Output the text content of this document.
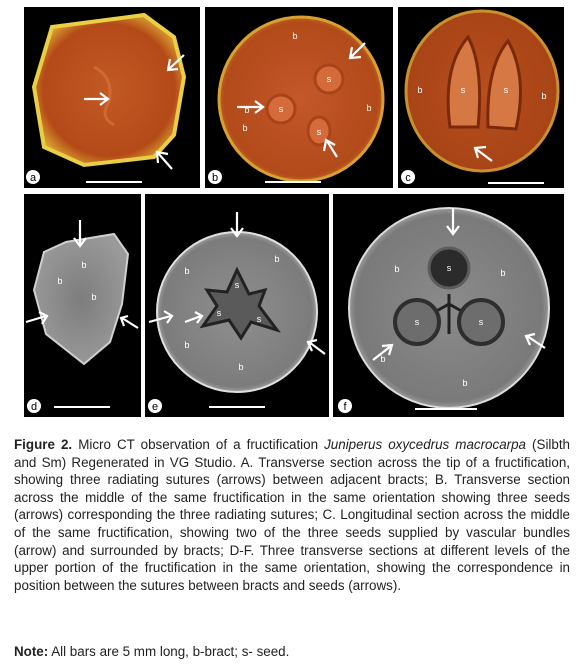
a
s
s
s
b
b	b
b
b
s	s
b
b
c
b
b
b
d
s
s
s
b
b
b
b
e
s
s	s
b	b
b
b
f
Figure 2. Micro CT observation of a fructification Juniperus oxycedrus macrocarpa (Silbth and Sm) Regenerated in VG Studio. A. Transverse section across the tip of a fructification, showing three radiating sutures (arrows) between adjacent bracts; B. Transverse section across the middle of the same fructification in the same orientation showing three seeds (arrows) corresponding the three radiating sutures; C. Longitudinal section across the middle of the same fructification, showing two of the three seeds supplied by vascular bundles (arrow) and surrounded by bracts; D-F. Three transverse sections at different levels of the upper portion of the fructification in the same orientation, showing the correspondence in position between the sutures between bracts and seeds (arrows).
Note: All bars are 5 mm long, b-bract; s- seed.
